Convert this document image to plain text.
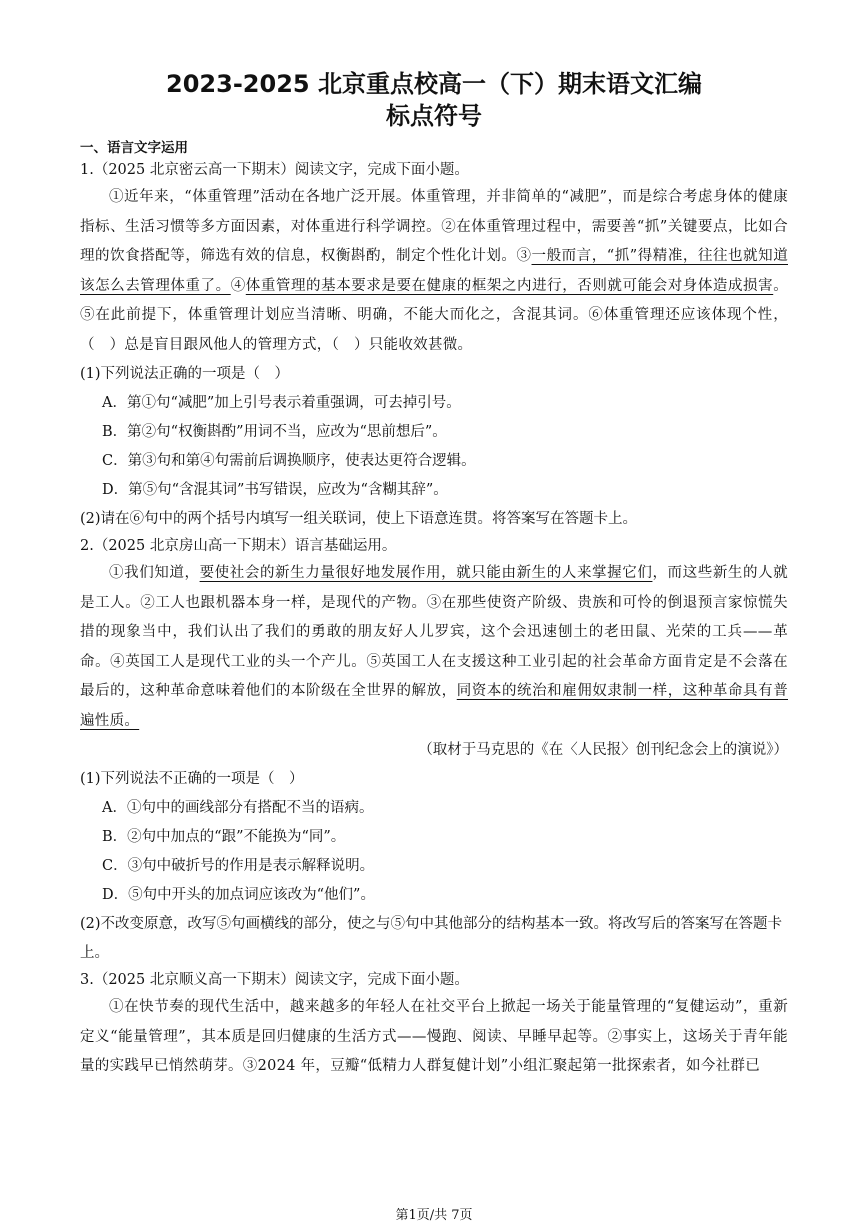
2023-2025 北京重点校高一（下）期末语文汇编
标点符号
一、语言文字运用

1.（2025 北京密云高一下期末）阅读文字，完成下面小题。

①近年来，“体重管理”活动在各地广泛开展。体重管理，并非简单的“减肥”，而是综合考虑身体的健康指标、生活习惯等多方面因素，对体重进行科学调控。②在体重管理过程中，需要善“抓”关键要点，比如合理的饮食搭配等，筛选有效的信息，权衡斟酌，制定个性化计划。③一般而言，“抓”得精准，往往也就知道该怎么去管理体重了。④体重管理的基本要求是要在健康的框架之内进行，否则就可能会对身体造成损害。⑤在此前提下，体重管理计划应当清晰、明确，不能大而化之，含混其词。⑥体重管理还应该体现个性，（　）总是盲目跟风他人的管理方式，（　）只能收效甚微。

(1)下列说法正确的一项是（　）

A．第①句“减肥”加上引号表示着重强调，可去掉引号。

B．第②句“权衡斟酌”用词不当，应改为“思前想后”。

C．第③句和第④句需前后调换顺序，使表达更符合逻辑。

D．第⑤句“含混其词”书写错误，应改为“含糊其辞”。

(2)请在⑥句中的两个括号内填写一组关联词，使上下语意连贯。将答案写在答题卡上。

2.（2025 北京房山高一下期末）语言基础运用。

①我们知道，要使社会的新生力量很好地发展作用，就只能由新生的人来掌握它们，而这些新生的人就是工人。②工人也跟机器本身一样，是现代的产物。③在那些使资产阶级、贵族和可怜的倒退预言家惊慌失措的现象当中，我们认出了我们的勇敢的朋友好人儿罗宾，这个会迅速刨土的老田鼠、光荣的工兵——革命。④英国工人是现代工业的头一个产儿。⑤英国工人在支援这种工业引起的社会革命方面肯定是不会落在最后的，这种革命意味着他们的本阶级在全世界的解放，同资本的统治和雇佣奴隶制一样，这种革命具有普遍性质。

（取材于马克思的《在〈人民报〉创刊纪念会上的演说》）

(1)下列说法不正确的一项是（　）

A．①句中的画线部分有搭配不当的语病。

B．②句中加点的“跟”不能换为“同”。

C．③句中破折号的作用是表示解释说明。

D．⑤句中开头的加点词应该改为“他们”。

(2)不改变原意，改写⑤句画横线的部分，使之与⑤句中其他部分的结构基本一致。将改写后的答案写在答题卡上。

3.（2025 北京顺义高一下期末）阅读文字，完成下面小题。

①在快节奏的现代生活中，越来越多的年轻人在社交平台上掀起一场关于能量管理的“复健运动”，重新定义“能量管理”，其本质是回归健康的生活方式——慢跑、阅读、早睡早起等。②事实上，这场关于青年能量的实践早已悄然萌芽。③2024 年，豆瓣“低精力人群复健计划”小组汇聚起第一批探索者，如今社群已

第1页/共 7页
